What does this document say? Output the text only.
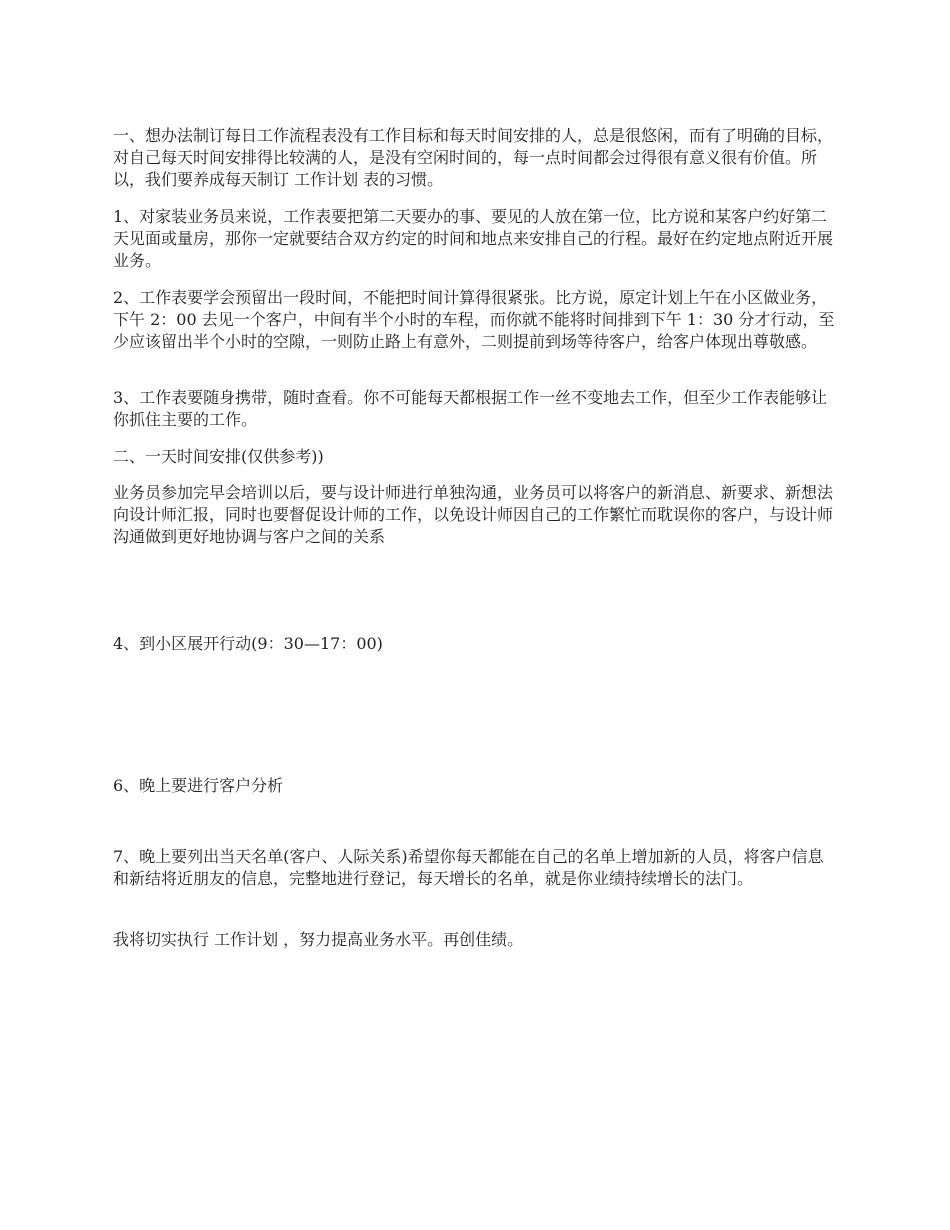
一、想办法制订每日工作流程表没有工作目标和每天时间安排的人，总是很悠闲，而有了明确的目标，对自己每天时间安排得比较满的人，是没有空闲时间的，每一点时间都会过得很有意义很有价值。所以，我们要养成每天制订 工作计划 表的习惯。

1、对家装业务员来说，工作表要把第二天要办的事、要见的人放在第一位，比方说和某客户约好第二天见面或量房，那你一定就要结合双方约定的时间和地点来安排自己的行程。最好在约定地点附近开展业务。

2、工作表要学会预留出一段时间，不能把时间计算得很紧张。比方说，原定计划上午在小区做业务，下午 2：00 去见一个客户，中间有半个小时的车程，而你就不能将时间排到下午 1：30 分才行动，至少应该留出半个小时的空隙，一则防止路上有意外，二则提前到场等待客户，给客户体现出尊敬感。

3、工作表要随身携带，随时查看。你不可能每天都根据工作一丝不变地去工作，但至少工作表能够让你抓住主要的工作。

二、一天时间安排(仅供参考))

业务员参加完早会培训以后，要与设计师进行单独沟通，业务员可以将客户的新消息、新要求、新想法向设计师汇报，同时也要督促设计师的工作，以免设计师因自己的工作繁忙而耽误你的客户，与设计师沟通做到更好地协调与客户之间的关系

4、到小区展开行动(9：30—17：00)

6、晚上要进行客户分析

7、晚上要列出当天名单(客户、人际关系)希望你每天都能在自己的名单上增加新的人员，将客户信息和新结将近朋友的信息，完整地进行登记，每天增长的名单，就是你业绩持续增长的法门。

我将切实执行 工作计划 ，努力提高业务水平。再创佳绩。
